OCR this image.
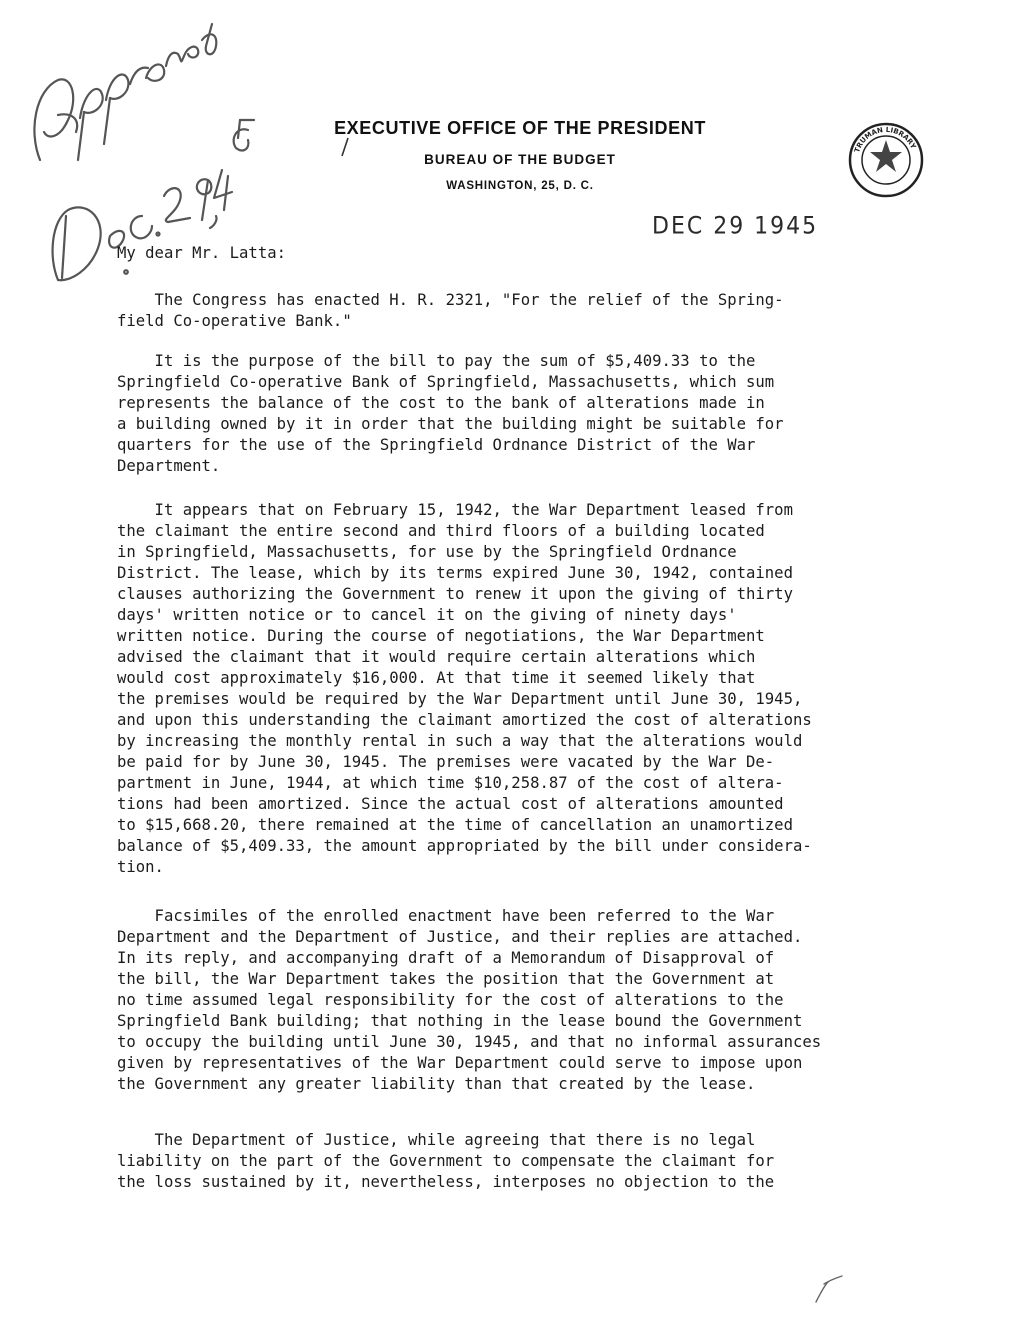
EXECUTIVE OFFICE OF THE PRESIDENT
BUREAU OF THE BUDGET
WASHINGTON, 25, D. C.
TRUMAN LIBRARY
DEC 29 1945
My dear Mr. Latta:
The Congress has enacted H. R. 2321, "For the relief of the Spring-
field Co-operative Bank."
It is the purpose of the bill to pay the sum of $5,409.33 to the
Springfield Co-operative Bank of Springfield, Massachusetts, which sum
represents the balance of the cost to the bank of alterations made in
a building owned by it in order that the building might be suitable for
quarters for the use of the Springfield Ordnance District of the War
Department.
It appears that on February 15, 1942, the War Department leased from
the claimant the entire second and third floors of a building located
in Springfield, Massachusetts, for use by the Springfield Ordnance
District. The lease, which by its terms expired June 30, 1942, contained
clauses authorizing the Government to renew it upon the giving of thirty
days' written notice or to cancel it on the giving of ninety days'
written notice. During the course of negotiations, the War Department
advised the claimant that it would require certain alterations which
would cost approximately $16,000. At that time it seemed likely that
the premises would be required by the War Department until June 30, 1945,
and upon this understanding the claimant amortized the cost of alterations
by increasing the monthly rental in such a way that the alterations would
be paid for by June 30, 1945. The premises were vacated by the War De-
partment in June, 1944, at which time $10,258.87 of the cost of altera-
tions had been amortized. Since the actual cost of alterations amounted
to $15,668.20, there remained at the time of cancellation an unamortized
balance of $5,409.33, the amount appropriated by the bill under considera-
tion.
Facsimiles of the enrolled enactment have been referred to the War
Department and the Department of Justice, and their replies are attached.
In its reply, and accompanying draft of a Memorandum of Disapproval of
the bill, the War Department takes the position that the Government at
no time assumed legal responsibility for the cost of alterations to the
Springfield Bank building; that nothing in the lease bound the Government
to occupy the building until June 30, 1945, and that no informal assurances
given by representatives of the War Department could serve to impose upon
the Government any greater liability than that created by the lease.
The Department of Justice, while agreeing that there is no legal
liability on the part of the Government to compensate the claimant for
the loss sustained by it, nevertheless, interposes no objection to the
